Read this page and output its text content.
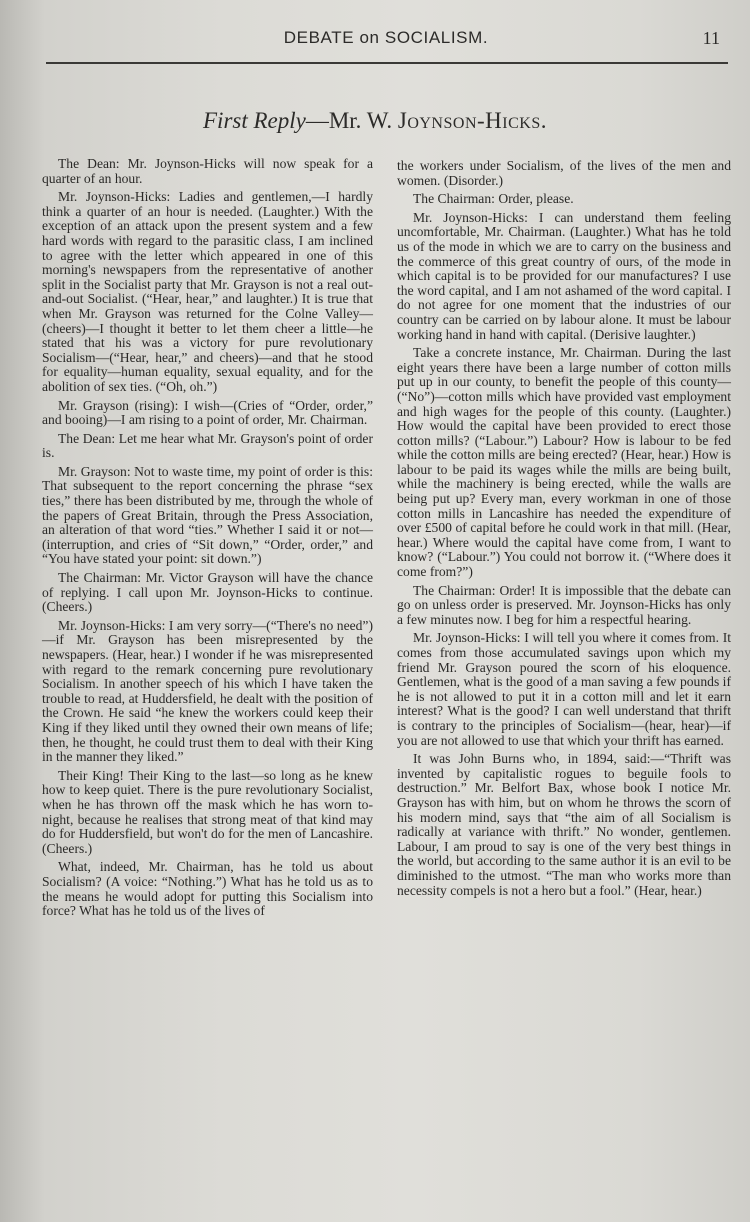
DEBATE on SOCIALISM.	11
First Reply—Mr. W. Joynson-Hicks.

The Dean: Mr. Joynson-Hicks will now speak for a quarter of an hour.

Mr. Joynson-Hicks: Ladies and gentlemen,—I hardly think a quarter of an hour is needed. (Laughter.) With the exception of an attack upon the present system and a few hard words with regard to the parasitic class, I am inclined to agree with the letter which appeared in one of this morning's newspapers from the representative of another split in the Socialist party that Mr. Grayson is not a real out-and-out Socialist. (“Hear, hear,” and laughter.) It is true that when Mr. Grayson was returned for the Colne Valley—(cheers)—I thought it better to let them cheer a little—he stated that his was a victory for pure revolutionary Socialism—(“Hear, hear,” and cheers)—and that he stood for equality—human equality, sexual equality, and for the abolition of sex ties. (“Oh, oh.”)

Mr. Grayson (rising): I wish—(Cries of “Order, order,” and booing)—I am rising to a point of order, Mr. Chairman.

The Dean: Let me hear what Mr. Grayson's point of order is.

Mr. Grayson: Not to waste time, my point of order is this: That subsequent to the report concerning the phrase “sex ties,” there has been distributed by me, through the whole of the papers of Great Britain, through the Press Association, an alteration of that word “ties.” Whether I said it or not—(interruption, and cries of “Sit down,” “Order, order,” and “You have stated your point: sit down.”)

The Chairman: Mr. Victor Grayson will have the chance of replying. I call upon Mr. Joynson-Hicks to continue. (Cheers.)

Mr. Joynson-Hicks: I am very sorry—(“There's no need”)—if Mr. Grayson has been misrepresented by the newspapers. (Hear, hear.) I wonder if he was misrepresented with regard to the remark concerning pure revolutionary Socialism. In another speech of his which I have taken the trouble to read, at Huddersfield, he dealt with the position of the Crown. He said “he knew the workers could keep their King if they liked until they owned their own means of life; then, he thought, he could trust them to deal with their King in the manner they liked.”

Their King! Their King to the last—so long as he knew how to keep quiet. There is the pure revolutionary Socialist, when he has thrown off the mask which he has worn to-night, because he realises that strong meat of that kind may do for Huddersfield, but won't do for the men of Lancashire. (Cheers.)

What, indeed, Mr. Chairman, has he told us about Socialism? (A voice: “Nothing.”) What has he told us as to the means he would adopt for putting this Socialism into force? What has he told us of the lives of

the workers under Socialism, of the lives of the men and women. (Disorder.)

The Chairman: Order, please.

Mr. Joynson-Hicks: I can understand them feeling uncomfortable, Mr. Chairman. (Laughter.) What has he told us of the mode in which we are to carry on the business and the commerce of this great country of ours, of the mode in which capital is to be provided for our manufactures? I use the word capital, and I am not ashamed of the word capital. I do not agree for one moment that the industries of our country can be carried on by labour alone. It must be labour working hand in hand with capital. (Derisive laughter.)

Take a concrete instance, Mr. Chairman. During the last eight years there have been a large number of cotton mills put up in our county, to benefit the people of this county—(“No”)—cotton mills which have provided vast employment and high wages for the people of this county. (Laughter.) How would the capital have been provided to erect those cotton mills? (“Labour.”) Labour? How is labour to be fed while the cotton mills are being erected? (Hear, hear.) How is labour to be paid its wages while the mills are being built, while the machinery is being erected, while the walls are being put up? Every man, every workman in one of those cotton mills in Lancashire has needed the expenditure of over £500 of capital before he could work in that mill. (Hear, hear.) Where would the capital have come from, I want to know? (“Labour.”) You could not borrow it. (“Where does it come from?”)

The Chairman: Order! It is impossible that the debate can go on unless order is preserved. Mr. Joynson-Hicks has only a few minutes now. I beg for him a respectful hearing.

Mr. Joynson-Hicks: I will tell you where it comes from. It comes from those accumulated savings upon which my friend Mr. Grayson poured the scorn of his eloquence. Gentlemen, what is the good of a man saving a few pounds if he is not allowed to put it in a cotton mill and let it earn interest? What is the good? I can well understand that thrift is contrary to the principles of Socialism—(hear, hear)—if you are not allowed to use that which your thrift has earned.

It was John Burns who, in 1894, said:—“Thrift was invented by capitalistic rogues to beguile fools to destruction.” Mr. Belfort Bax, whose book I notice Mr. Grayson has with him, but on whom he throws the scorn of his modern mind, says that “the aim of all Socialism is radically at variance with thrift.” No wonder, gentlemen. Labour, I am proud to say is one of the very best things in the world, but according to the same author it is an evil to be diminished to the utmost. “The man who works more than necessity compels is not a hero but a fool.” (Hear, hear.)
